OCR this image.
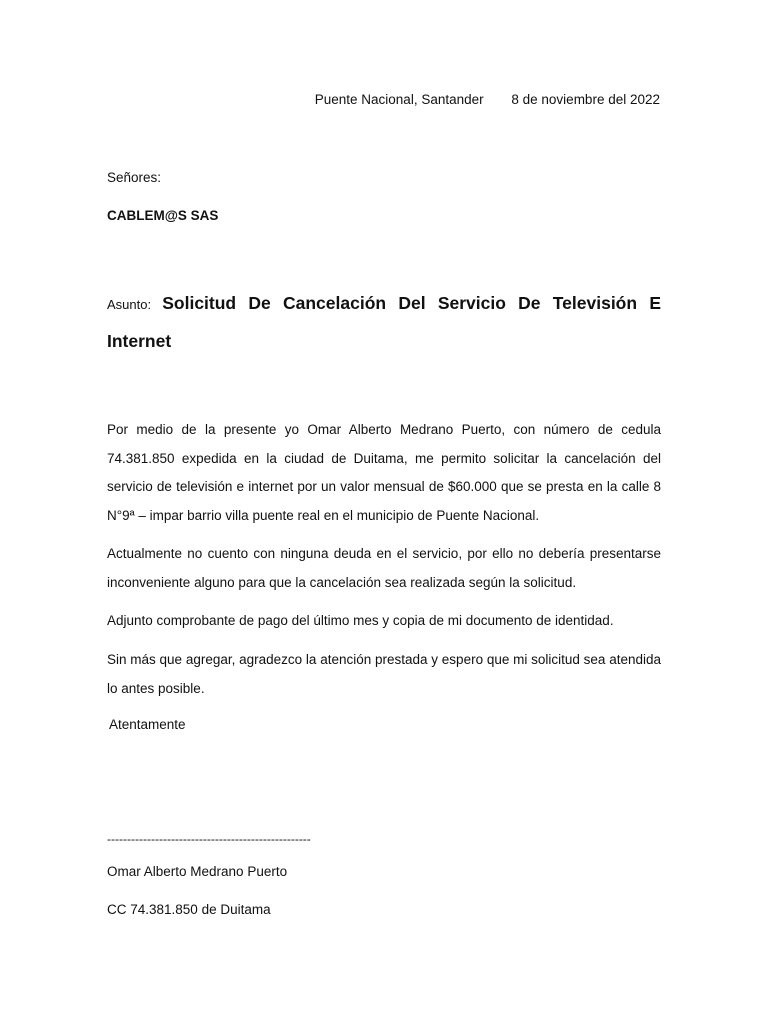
Puente Nacional, Santander 8 de noviembre del 2022
Señores:
CABLEM@S SAS
Asunto: Solicitud De Cancelación Del Servicio De Televisión E Internet

Por medio de la presente yo Omar Alberto Medrano Puerto, con número de cedula 74.381.850 expedida en la ciudad de Duitama, me permito solicitar la cancelación del servicio de televisión e internet por un valor mensual de $60.000 que se presta en la calle 8 N°9ª – impar barrio villa puente real en el municipio de Puente Nacional.

Actualmente no cuento con ninguna deuda en el servicio, por ello no debería presentarse inconveniente alguno para que la cancelación sea realizada según la solicitud.

Adjunto comprobante de pago del último mes y copia de mi documento de identidad.

Sin más que agregar, agradezco la atención prestada y espero que mi solicitud sea atendida lo antes posible.

Atentamente
---------------------------------------------------
Omar Alberto Medrano Puerto
CC 74.381.850 de Duitama
